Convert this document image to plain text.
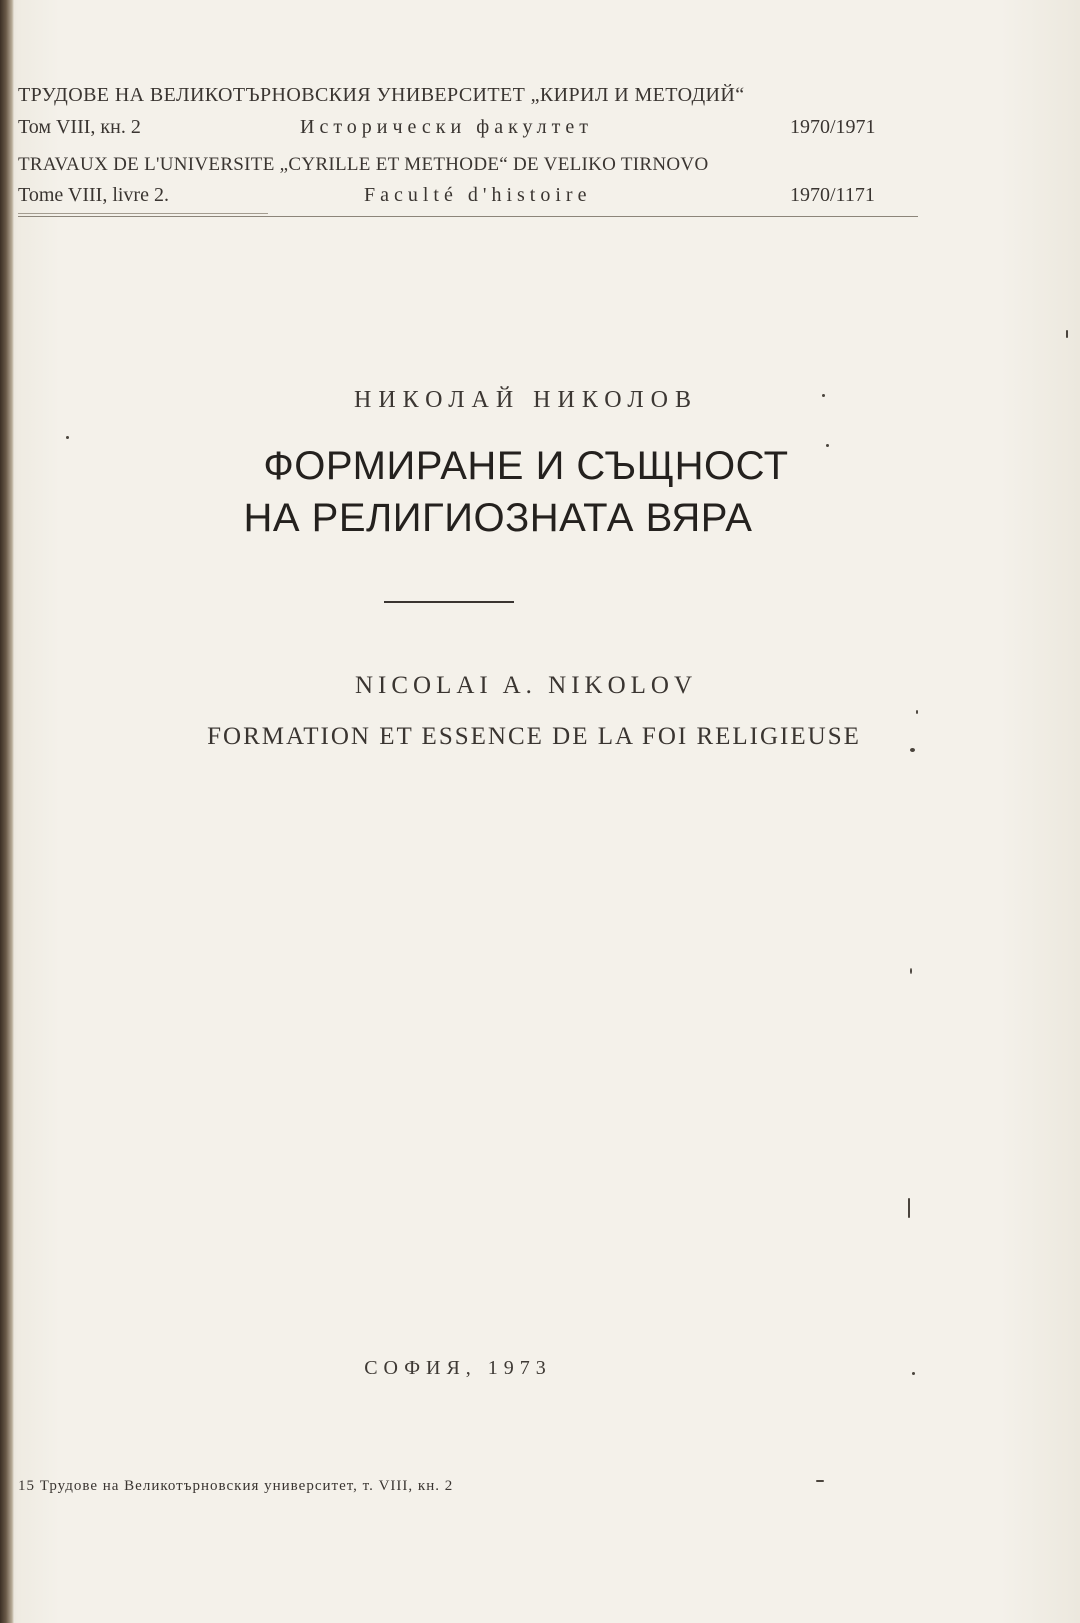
ТРУДОВЕ НА ВЕЛИКОТЪРНОВСКИЯ УНИВЕРСИТЕТ „КИРИЛ И МЕТОДИЙ“
Том VIII, кн. 2	Исторически факултет	1970/1971
TRAVAUX DE L'UNIVERSITE „CYRILLE ET METHODE“ DE VELIKO TIRNOVO
Tome VIII, livre 2.	Faculté d'histoire	1970/1171
НИКОЛАЙ НИКОЛОВ
ФОРМИРАНЕ И СЪЩНОСТ
НА РЕЛИГИОЗНАТА ВЯРА
NICOLAI A. NIKOLOV
FORMATION ET ESSENCE DE LA FOI RELIGIEUSE
СОФИЯ, 1973
15 Трудове на Великотърновския университет, т. VIII, кн. 2
